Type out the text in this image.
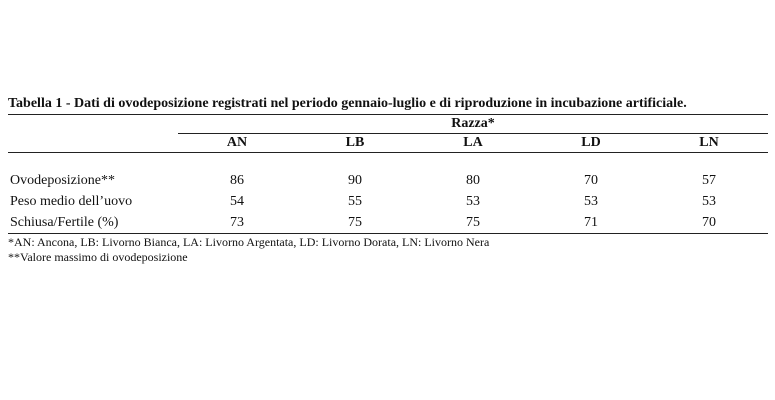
Tabella 1 - Dati di ovodeposizione registrati nel periodo gennaio-luglio e di riproduzione in incubazione artificiale.

	Razza*				
	AN	LB	LA	LD	LN

Ovodeposizione**	86	90	80	70	57
Peso medio dell’uovo	54	55	53	53	53
Schiusa/Fertile (%)	73	75	75	71	70
*AN: Ancona, LB: Livorno Bianca, LA: Livorno Argentata, LD: Livorno Dorata, LN: Livorno Nera
**Valore massimo di ovodeposizione
